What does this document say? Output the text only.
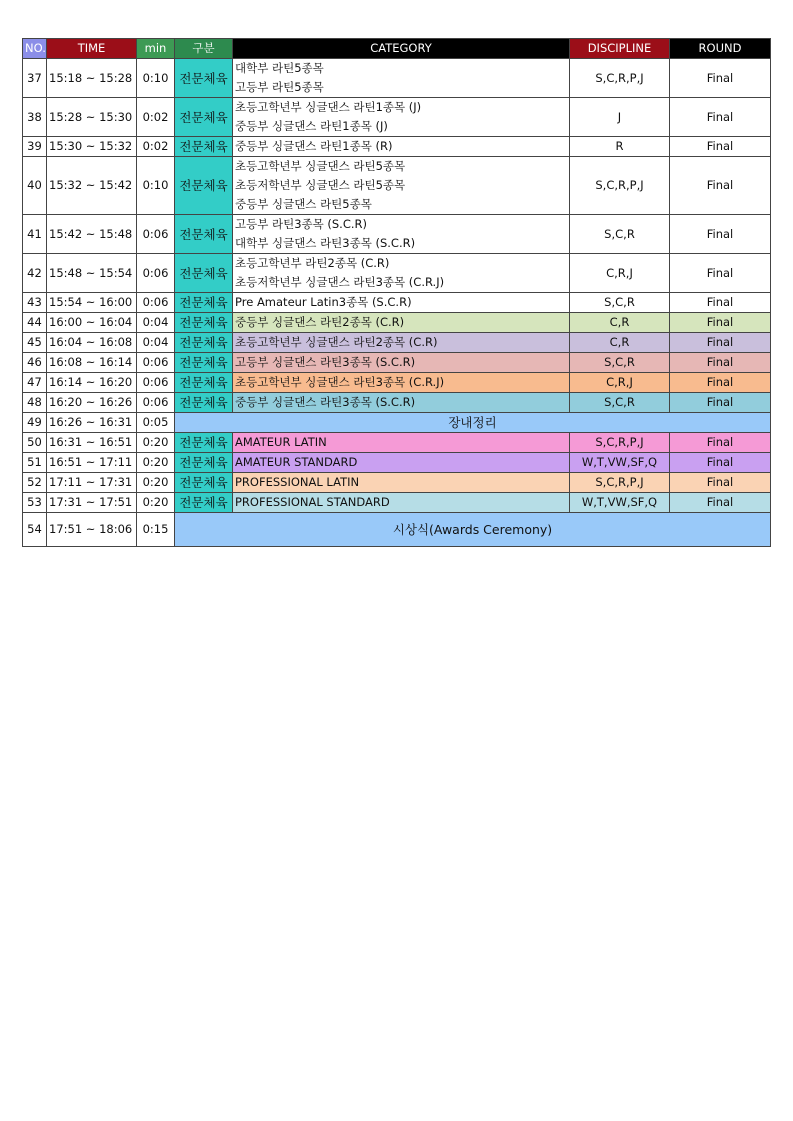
NO.	TIME	min	구분	CATEGORY	DISCIPLINE	ROUND
37	15:18 ~ 15:28	0:10	전문체육	대학부 라틴5종목
고등부 라틴5종목	S,C,R,P,J	Final
38	15:28 ~ 15:30	0:02	전문체육	초등고학년부 싱글댄스 라틴1종목 (J)
중등부 싱글댄스 라틴1종목 (J)	J	Final
39	15:30 ~ 15:32	0:02	전문체육	중등부 싱글댄스 라틴1종목 (R)	R	Final
40	15:32 ~ 15:42	0:10	전문체육	초등고학년부 싱글댄스 라틴5종목
초등저학년부 싱글댄스 라틴5종목
중등부 싱글댄스 라틴5종목	S,C,R,P,J	Final
41	15:42 ~ 15:48	0:06	전문체육	고등부 라틴3종목 (S.C.R)
대학부 싱글댄스 라틴3종목 (S.C.R)	S,C,R	Final
42	15:48 ~ 15:54	0:06	전문체육	초등고학년부 라틴2종목 (C.R)
초등저학년부 싱글댄스 라틴3종목 (C.R.J)	C,R,J	Final
43	15:54 ~ 16:00	0:06	전문체육	Pre Amateur Latin3종목 (S.C.R)	S,C,R	Final
44	16:00 ~ 16:04	0:04	전문체육	중등부 싱글댄스 라틴2종목 (C.R)	C,R	Final
45	16:04 ~ 16:08	0:04	전문체육	초등고학년부 싱글댄스 라틴2종목 (C.R)	C,R	Final
46	16:08 ~ 16:14	0:06	전문체육	고등부 싱글댄스 라틴3종목 (S.C.R)	S,C,R	Final
47	16:14 ~ 16:20	0:06	전문체육	초등고학년부 싱글댄스 라틴3종목 (C.R.J)	C,R,J	Final
48	16:20 ~ 16:26	0:06	전문체육	중등부 싱글댄스 라틴3종목 (S.C.R)	S,C,R	Final
49	16:26 ~ 16:31	0:05	장내정리			
50	16:31 ~ 16:51	0:20	전문체육	AMATEUR LATIN	S,C,R,P,J	Final
51	16:51 ~ 17:11	0:20	전문체육	AMATEUR STANDARD	W,T,VW,SF,Q	Final
52	17:11 ~ 17:31	0:20	전문체육	PROFESSIONAL LATIN	S,C,R,P,J	Final
53	17:31 ~ 17:51	0:20	전문체육	PROFESSIONAL STANDARD	W,T,VW,SF,Q	Final
54	17:51 ~ 18:06	0:15	시상식(Awards Ceremony)			
